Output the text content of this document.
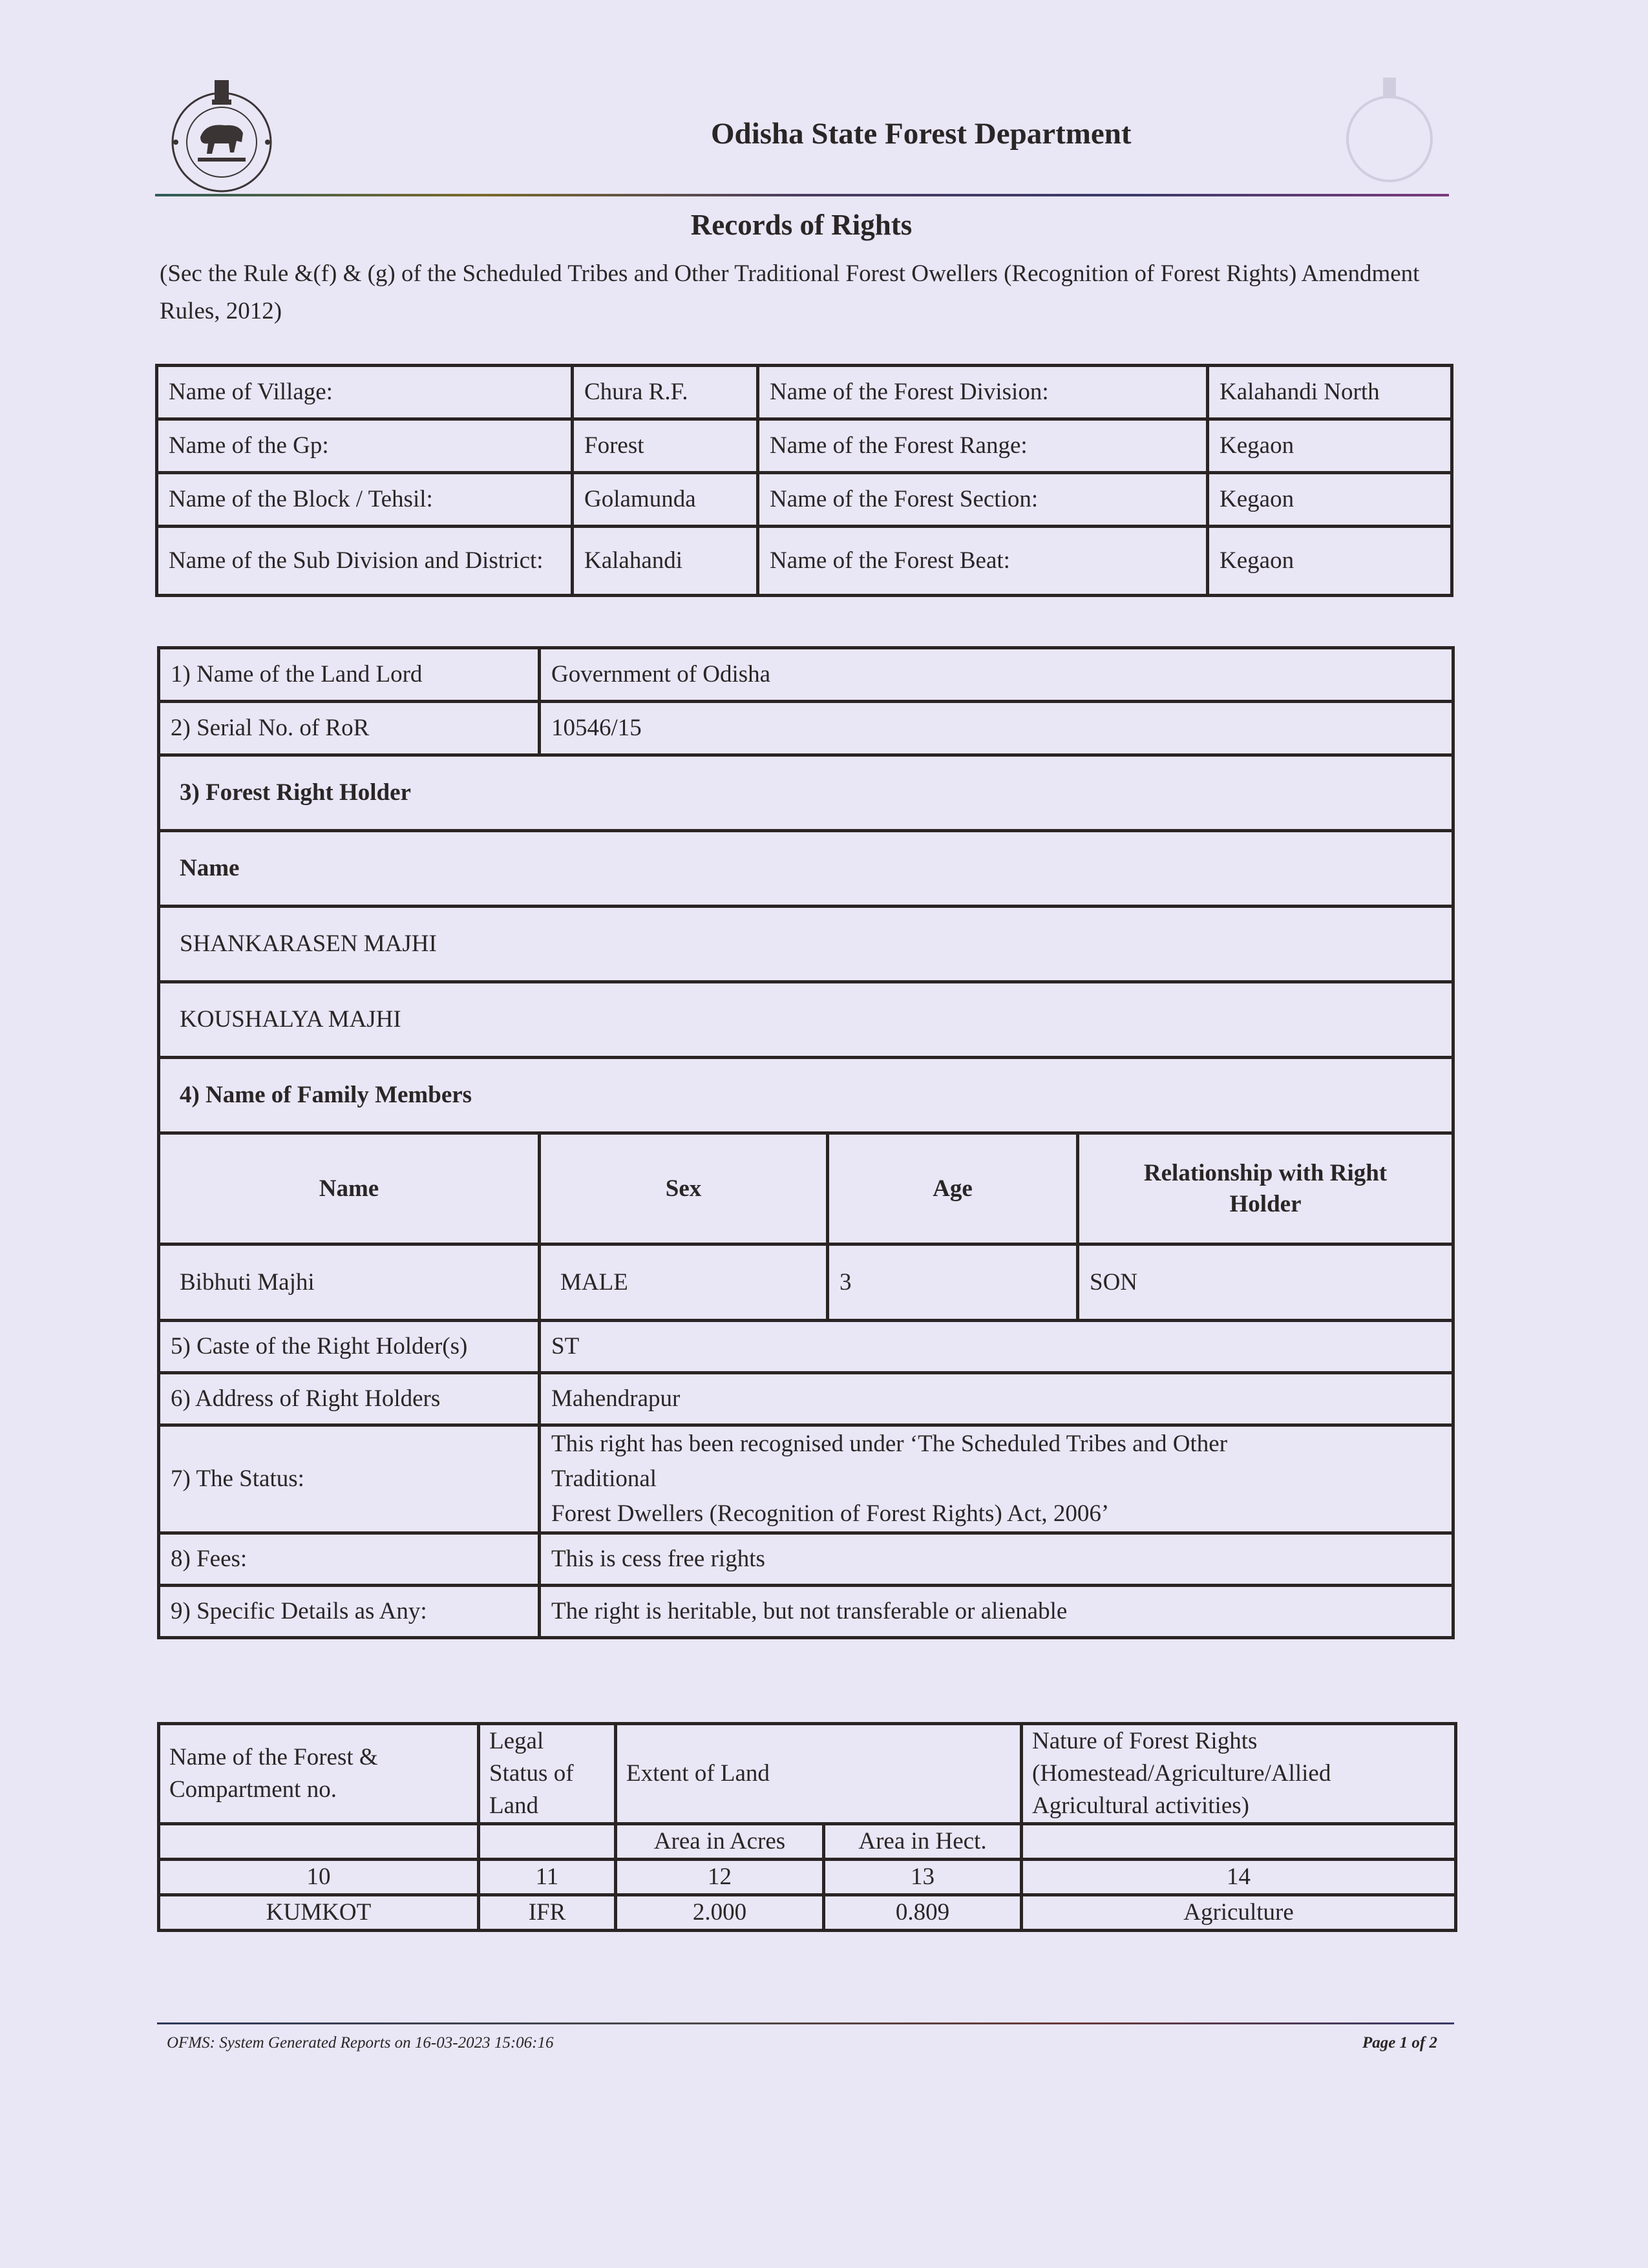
Odisha State Forest Department
Records of Rights
(Sec the Rule &(f) & (g) of the Scheduled Tribes and Other Traditional Forest Owellers (Recognition of Forest Rights) Amendment Rules, 2012)
Name of Village:	Chura R.F.	Name of the Forest Division:	Kalahandi North
Name of the Gp:	Forest	Name of the Forest Range:	Kegaon
Name of the Block / Tehsil:	Golamunda	Name of the Forest Section:	Kegaon
Name of the Sub Division and District:	Kalahandi	Name of the Forest Beat:	Kegaon
1) Name of the Land Lord	Government of Odisha		
2) Serial No. of RoR	10546/15		
3) Forest Right Holder			
Name			
SHANKARASEN MAJHI			
KOUSHALYA MAJHI			
4) Name of Family Members			
Name	Sex	Age	Relationship with Right Holder
Bibhuti Majhi	MALE	3	SON
5) Caste of the Right Holder(s)	ST		
6) Address of Right Holders	Mahendrapur		
7) The Status:	This right has been recognised under ‘The Scheduled Tribes and Other
Traditional
Forest Dwellers (Recognition of Forest Rights) Act, 2006’		

8) Fees:	This is cess free rights		
9) Specific Details as Any:	The right is heritable, but not transferable or alienable		
Name of the Forest & Compartment no.	Legal Status of Land	Extent of Land		Nature of Forest Rights (Homestead/Agriculture/Allied Agricultural activities)
		Area in Acres	Area in Hect.	
10	11	12	13	14
KUMKOT	IFR	2.000	0.809	Agriculture
OFMS: System Generated Reports on 16-03-2023 15:06:16	Page 1 of 2
